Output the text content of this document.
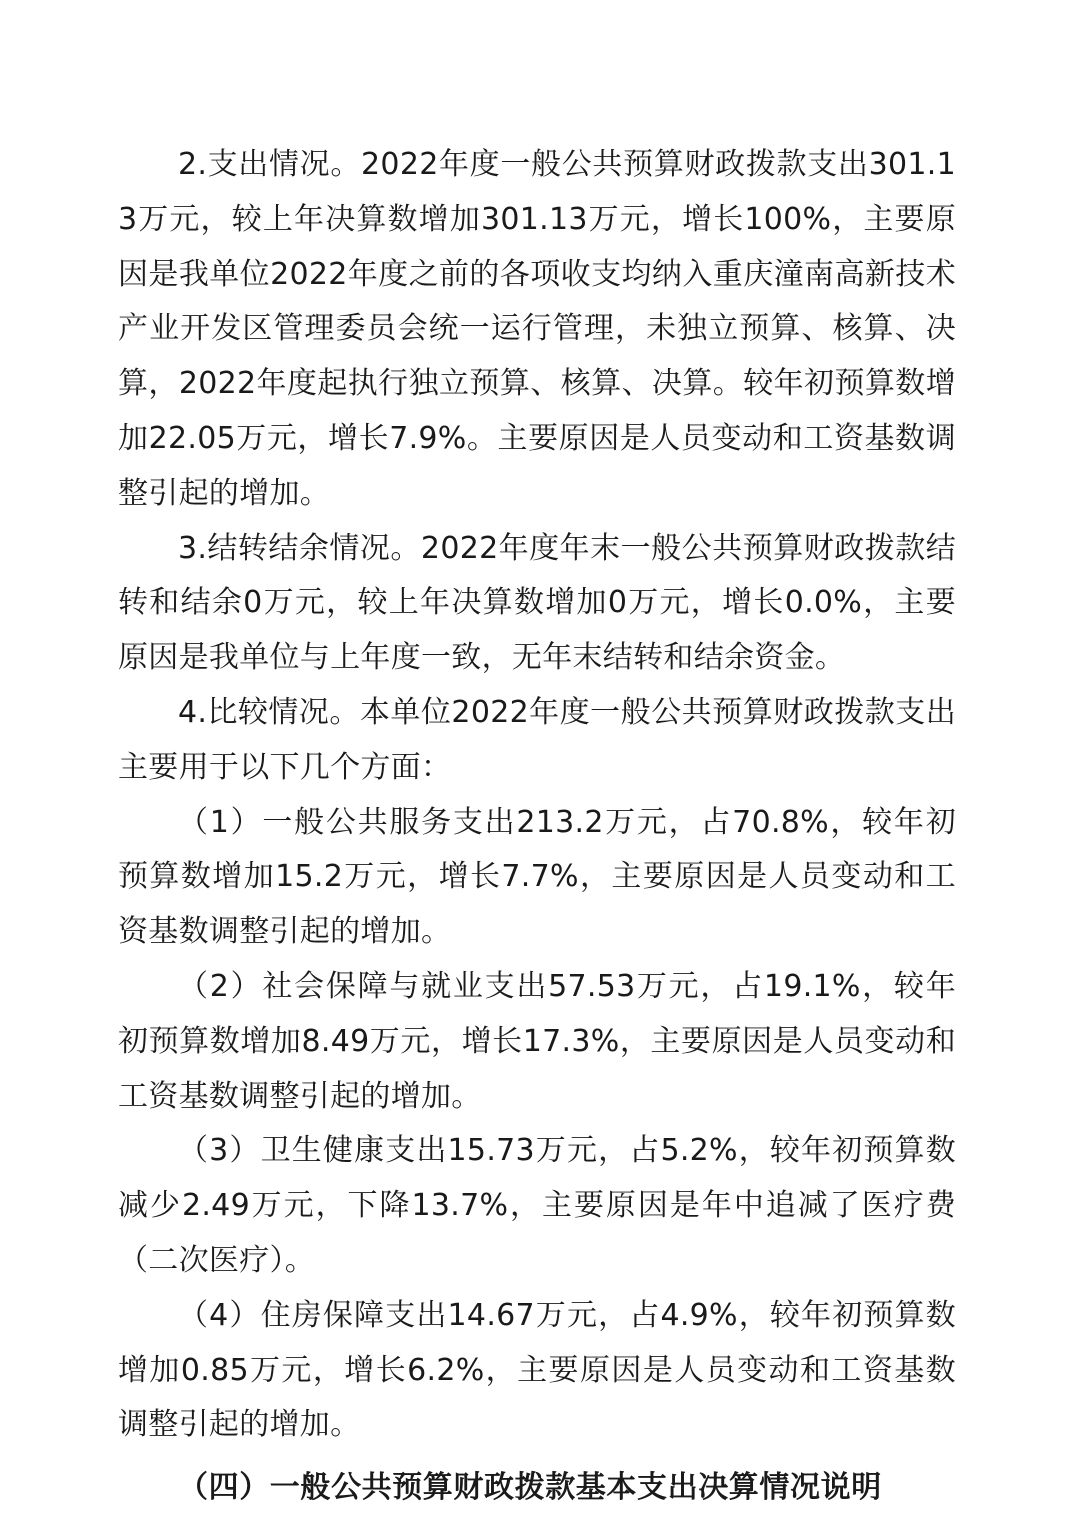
2.支出情况。2022年度一般公共预算财政拨款支出301.13万元，较上年决算数增加301.13万元，增长100%，主要原因是我单位2022年度之前的各项收支均纳入重庆潼南高新技术产业开发区管理委员会统一运行管理，未独立预算、核算、决算，2022年度起执行独立预算、核算、决算。较年初预算数增加22.05万元，增长7.9%。主要原因是人员变动和工资基数调整引起的增加。

3.结转结余情况。2022年度年末一般公共预算财政拨款结转和结余0万元，较上年决算数增加0万元，增长0.0%，主要原因是我单位与上年度一致，无年末结转和结余资金。

4.比较情况。本单位2022年度一般公共预算财政拨款支出主要用于以下几个方面：

（1）一般公共服务支出213.2万元，占70.8%，较年初预算数增加15.2万元，增长7.7%，主要原因是人员变动和工资基数调整引起的增加。

（2）社会保障与就业支出57.53万元，占19.1%，较年初预算数增加8.49万元，增长17.3%，主要原因是人员变动和工资基数调整引起的增加。

（3）卫生健康支出15.73万元，占5.2%，较年初预算数减少2.49万元，下降13.7%，主要原因是年中追减了医疗费（二次医疗）。

（4）住房保障支出14.67万元，占4.9%，较年初预算数增加0.85万元，增长6.2%，主要原因是人员变动和工资基数调整引起的增加。

（四）一般公共预算财政拨款基本支出决算情况说明
